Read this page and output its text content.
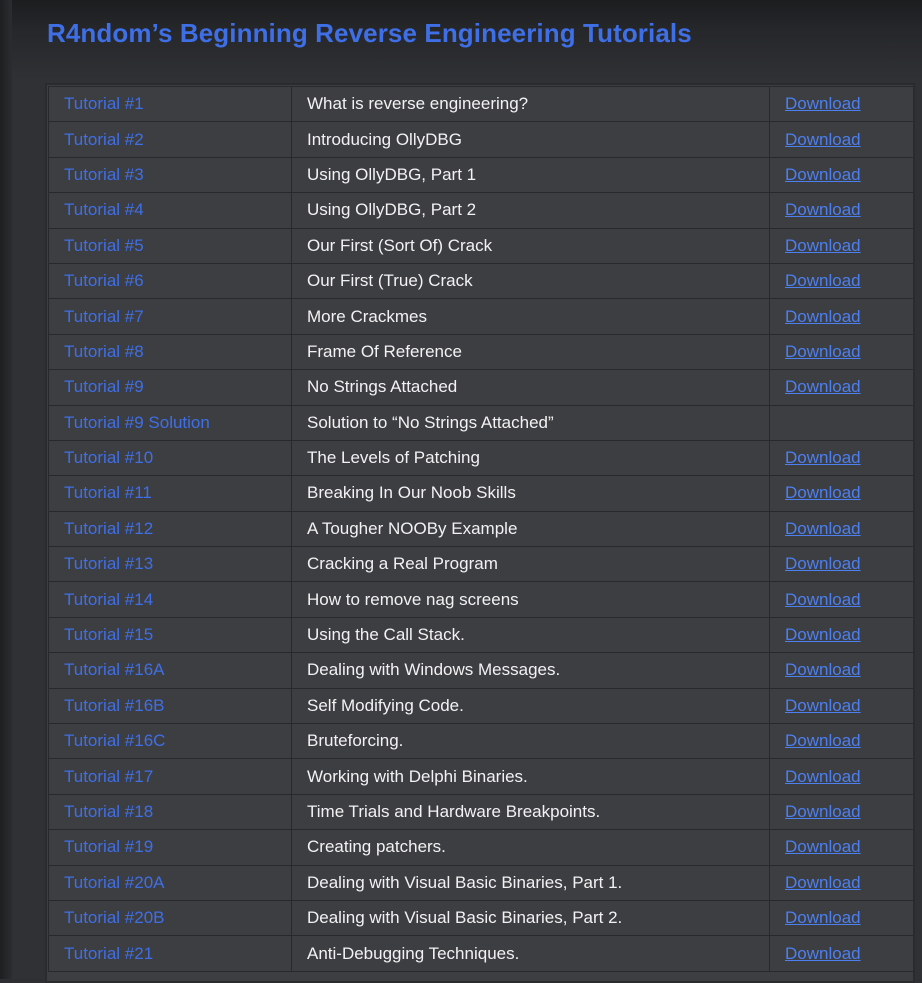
R4ndom’s Beginning Reverse Engineering Tutorials
Tutorial #1	What is reverse engineering?	Download
Tutorial #2	Introducing OllyDBG	Download
Tutorial #3	Using OllyDBG, Part 1	Download
Tutorial #4	Using OllyDBG, Part 2	Download
Tutorial #5	Our First (Sort Of) Crack	Download
Tutorial #6	Our First (True) Crack	Download
Tutorial #7	More Crackmes	Download
Tutorial #8	Frame Of Reference	Download
Tutorial #9	No Strings Attached	Download
Tutorial #9 Solution	Solution to “No Strings Attached”	
Tutorial #10	The Levels of Patching	Download
Tutorial #11	Breaking In Our Noob Skills	Download
Tutorial #12	A Tougher NOOBy Example	Download
Tutorial #13	Cracking a Real Program	Download
Tutorial #14	How to remove nag screens	Download
Tutorial #15	Using the Call Stack.	Download
Tutorial #16A	Dealing with Windows Messages.	Download
Tutorial #16B	Self Modifying Code.	Download
Tutorial #16C	Bruteforcing.	Download
Tutorial #17	Working with Delphi Binaries.	Download
Tutorial #18	Time Trials and Hardware Breakpoints.	Download
Tutorial #19	Creating patchers.	Download
Tutorial #20A	Dealing with Visual Basic Binaries, Part 1.	Download
Tutorial #20B	Dealing with Visual Basic Binaries, Part 2.	Download
Tutorial #21	Anti-Debugging Techniques.	Download
